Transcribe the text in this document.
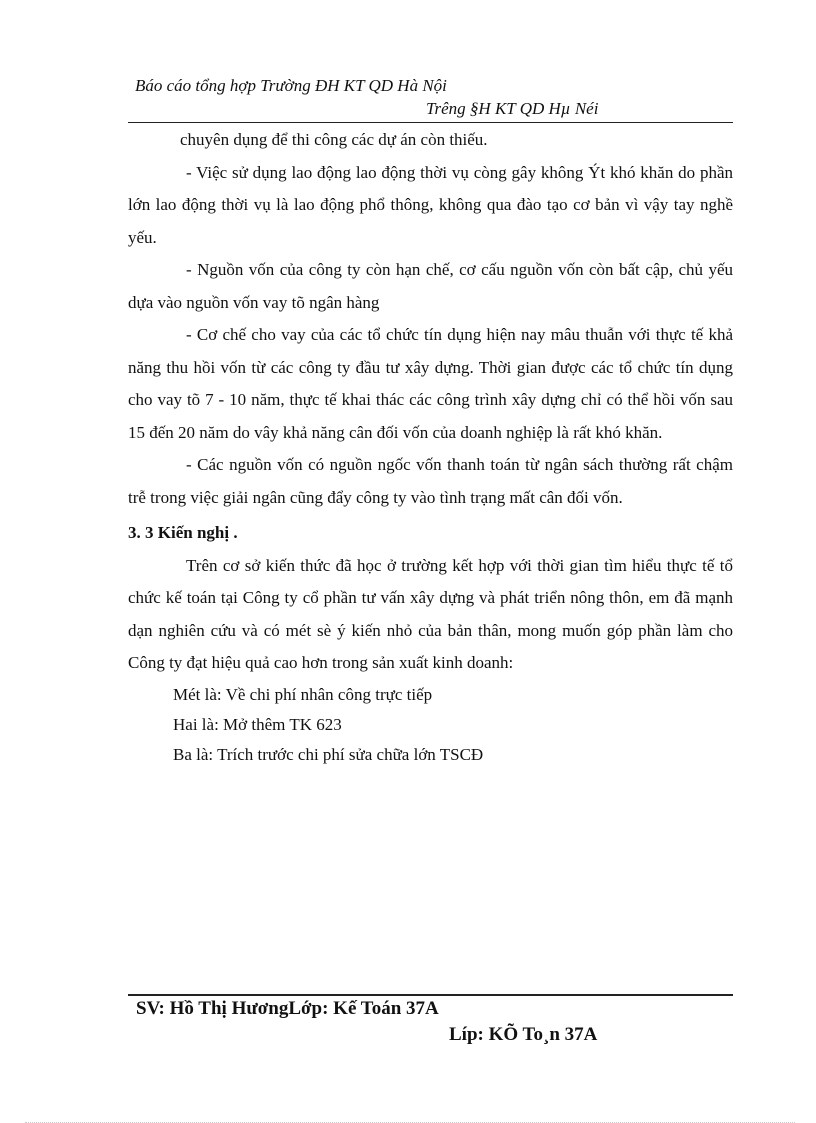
Báo cáo tổng hợp Trường ĐH KT QD Hà Nội
Trêng §H KT QD Hµ Néi

chuyên dụng để thi công các dự án còn thiếu.

- Việc sử dụng lao động lao động thời vụ còng gây không Ýt khó khăn do phần lớn lao động thời vụ là lao động phổ thông, không qua đào tạo cơ bản vì vậy tay nghề yếu.

- Nguồn vốn của công ty còn hạn chế, cơ cấu nguồn vốn còn bất cập, chủ yếu dựa vào nguồn vốn vay tõ ngân hàng

- Cơ chế cho vay của các tổ chức tín dụng hiện nay mâu thuẫn với thực tế khả năng thu hồi vốn từ các công ty đầu tư xây dựng. Thời gian được các tổ chức tín dụng cho vay tõ 7 - 10 năm, thực tế khai thác các công trình xây dựng chỉ có thể hồi vốn sau 15 đến 20 năm do vây khả năng cân đối vốn của doanh nghiệp là rất khó khăn.

- Các nguồn vốn có nguồn ngốc vốn thanh toán từ ngân sách thường rất chậm trễ trong việc giải ngân cũng đẩy công ty vào tình trạng mất cân đối vốn.

3. 3 Kiến nghị .

Trên cơ sở kiến thức đã học ở trường kết hợp với thời gian tìm hiểu thực tế tổ chức kế toán tại Công ty cổ phần tư vấn xây dựng và phát triển nông thôn, em đã mạnh dạn nghiên cứu và có mét sè ý kiến nhỏ của bản thân, mong muốn góp phần làm cho Công ty đạt hiệu quả cao hơn trong sản xuất kinh doanh:

Mét là: Về chi phí nhân công trực tiếp

Hai là: Mở thêm TK 623

Ba là: Trích trước chi phí sửa chữa lớn TSCĐ

SV: Hồ Thị HươngLớp: Kế Toán 37A
Líp: KÕ To¸n 37A
